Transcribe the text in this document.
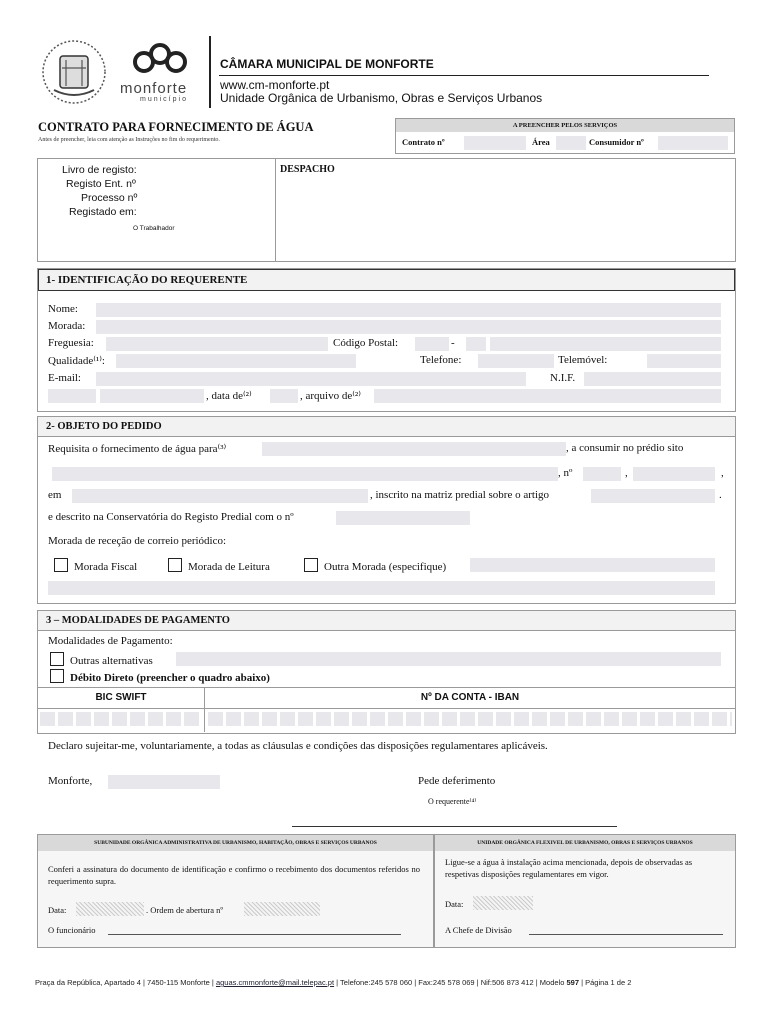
monforte
município
CÂMARA MUNICIPAL DE MONFORTE
www.cm-monforte.pt
Unidade Orgânica de Urbanismo, Obras e Serviços Urbanos
CONTRATO PARA FORNECIMENTO DE ÁGUA
Antes de preencher, leia com atenção as Instruções no fim do requerimento.
A PREENCHER PELOS SERVIÇOS
Contrato nº	Área	Consumidor nº
Livro de registo:
Registo Ent. nº
Processo nº
Registado em:
O Trabalhador
DESPACHO
1- IDENTIFICAÇÃO DO REQUERENTE
Nome:
Morada:
Freguesia:	Código Postal:	-
Qualidade⁽¹⁾:	Telefone:	Telemóvel:
E-mail:	N.I.F.
, data de⁽²⁾	, arquivo de⁽²⁾
2- OBJETO DO PEDIDO
Requisita o fornecimento de água para⁽³⁾	, a consumir no prédio sito
, nº	,	,
em	, inscrito na matriz predial sobre o artigo	.
e descrito na Conservatória do Registo Predial com o nº
Morada de receção de correio periódico:
Morada Fiscal	Morada de Leitura	Outra Morada (especifique)
3 – MODALIDADES DE PAGAMENTO
Modalidades de Pagamento:
Outras alternativas
Débito Direto (preencher o quadro abaixo)
BIC SWIFT	Nº DA CONTA - IBAN
Declaro sujeitar-me, voluntariamente, a todas as cláusulas e condições das disposições regulamentares aplicáveis.
Monforte,	Pede deferimento
O requerente⁽⁴⁾
SUBUNIDADE ORGÂNICA ADMINISTRATIVA DE URBANISMO, HABITAÇÃO, OBRAS E SERVIÇOS URBANOS
Conferi a assinatura do documento de identificação e confirmo o recebimento dos documentos referidos no requerimento supra.
Data:	. Ordem de abertura nº
O funcionário
UNIDADE ORGÂNICA FLEXIVEL DE URBANISMO, OBRAS E SERVIÇOS URBANOS
Ligue-se a água à instalação acima mencionada, depois de observadas as respetivas disposições regulamentares em vigor.
Data:
A Chefe de Divisão
Praça da República, Apartado 4 | 7450-115 Monforte | aguas.cmmonforte@mail.telepac.pt | Telefone:245 578 060 | Fax:245 578 069 | Nif:506 873 412 | Modelo 597 | Página 1 de 2
